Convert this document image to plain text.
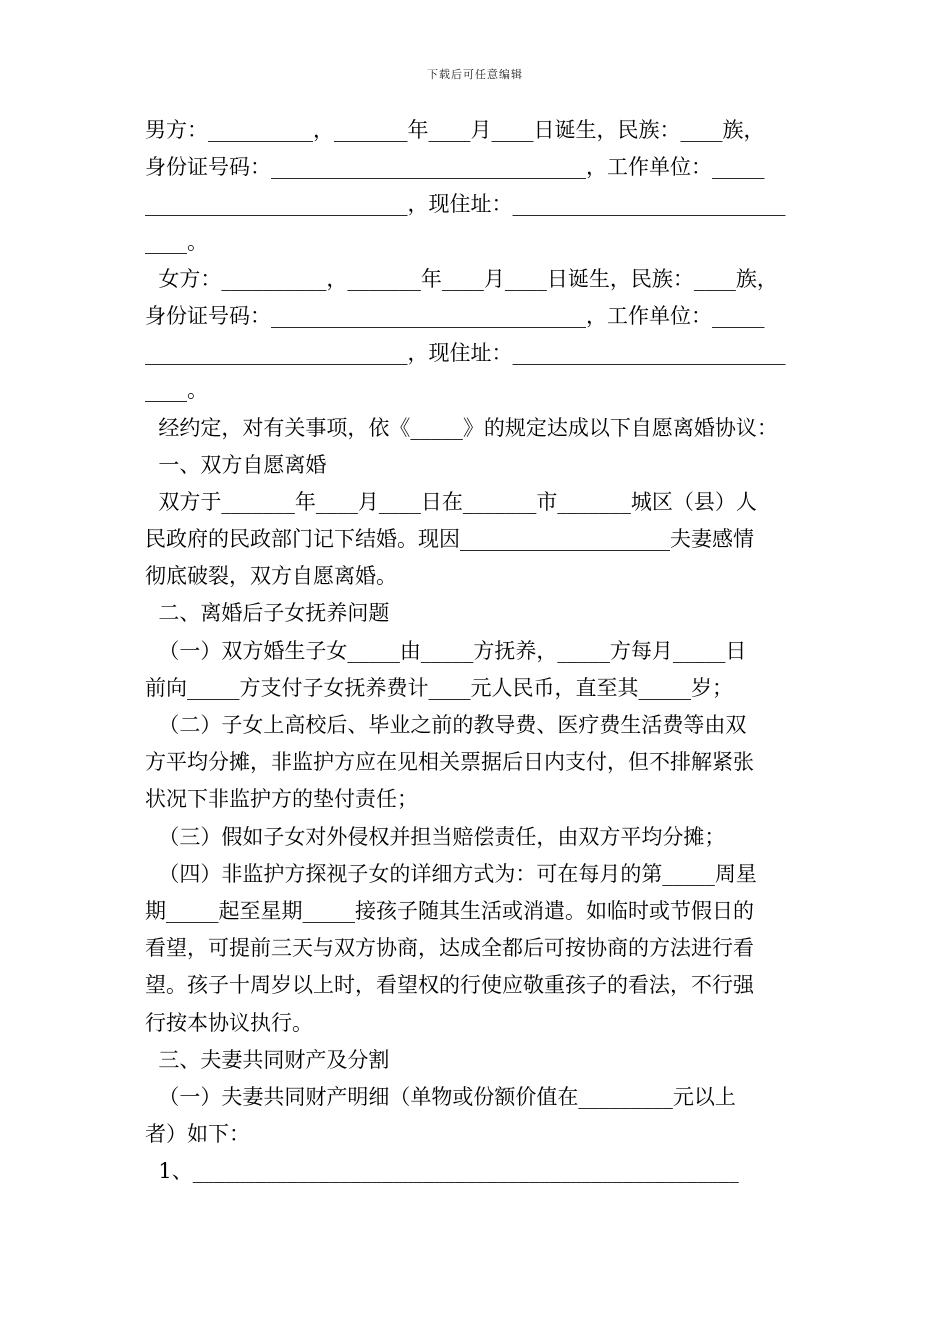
下载后可任意编辑
男方：__________，_______年____月____日诞生，民族：____族，
身份证号码：______________________________，工作单位：_____
_________________________，现住址：__________________________
____。
女方：__________，_______年____月____日诞生，民族：____族，
身份证号码：______________________________，工作单位：_____
_________________________，现住址：__________________________
____。
经约定，对有关事项，依《_____》的规定达成以下自愿离婚协议：
一、双方自愿离婚
双方于_______年____月____日在_______市_______城区（县）人
民政府的民政部门记下结婚。现因____________________夫妻感情
彻底破裂，双方自愿离婚。
二、离婚后子女抚养问题
（一）双方婚生子女_____由_____方抚养，_____方每月_____日
前向_____方支付子女抚养费计____元人民币，直至其_____岁；
（二）子女上高校后、毕业之前的教导费、医疗费生活费等由双
方平均分摊，非监护方应在见相关票据后日内支付，但不排解紧张
状况下非监护方的垫付责任；
（三）假如子女对外侵权并担当赔偿责任，由双方平均分摊；
（四）非监护方探视子女的详细方式为：可在每月的第_____周星
期_____起至星期_____接孩子随其生活或消遣。如临时或节假日的
看望，可提前三天与双方协商，达成全都后可按协商的方法进行看
望。孩子十周岁以上时，看望权的行使应敬重孩子的看法，不行强
行按本协议执行。
三、夫妻共同财产及分割
（一）夫妻共同财产明细（单物或份额价值在_________元以上
者）如下：
1、____________________________________________________
